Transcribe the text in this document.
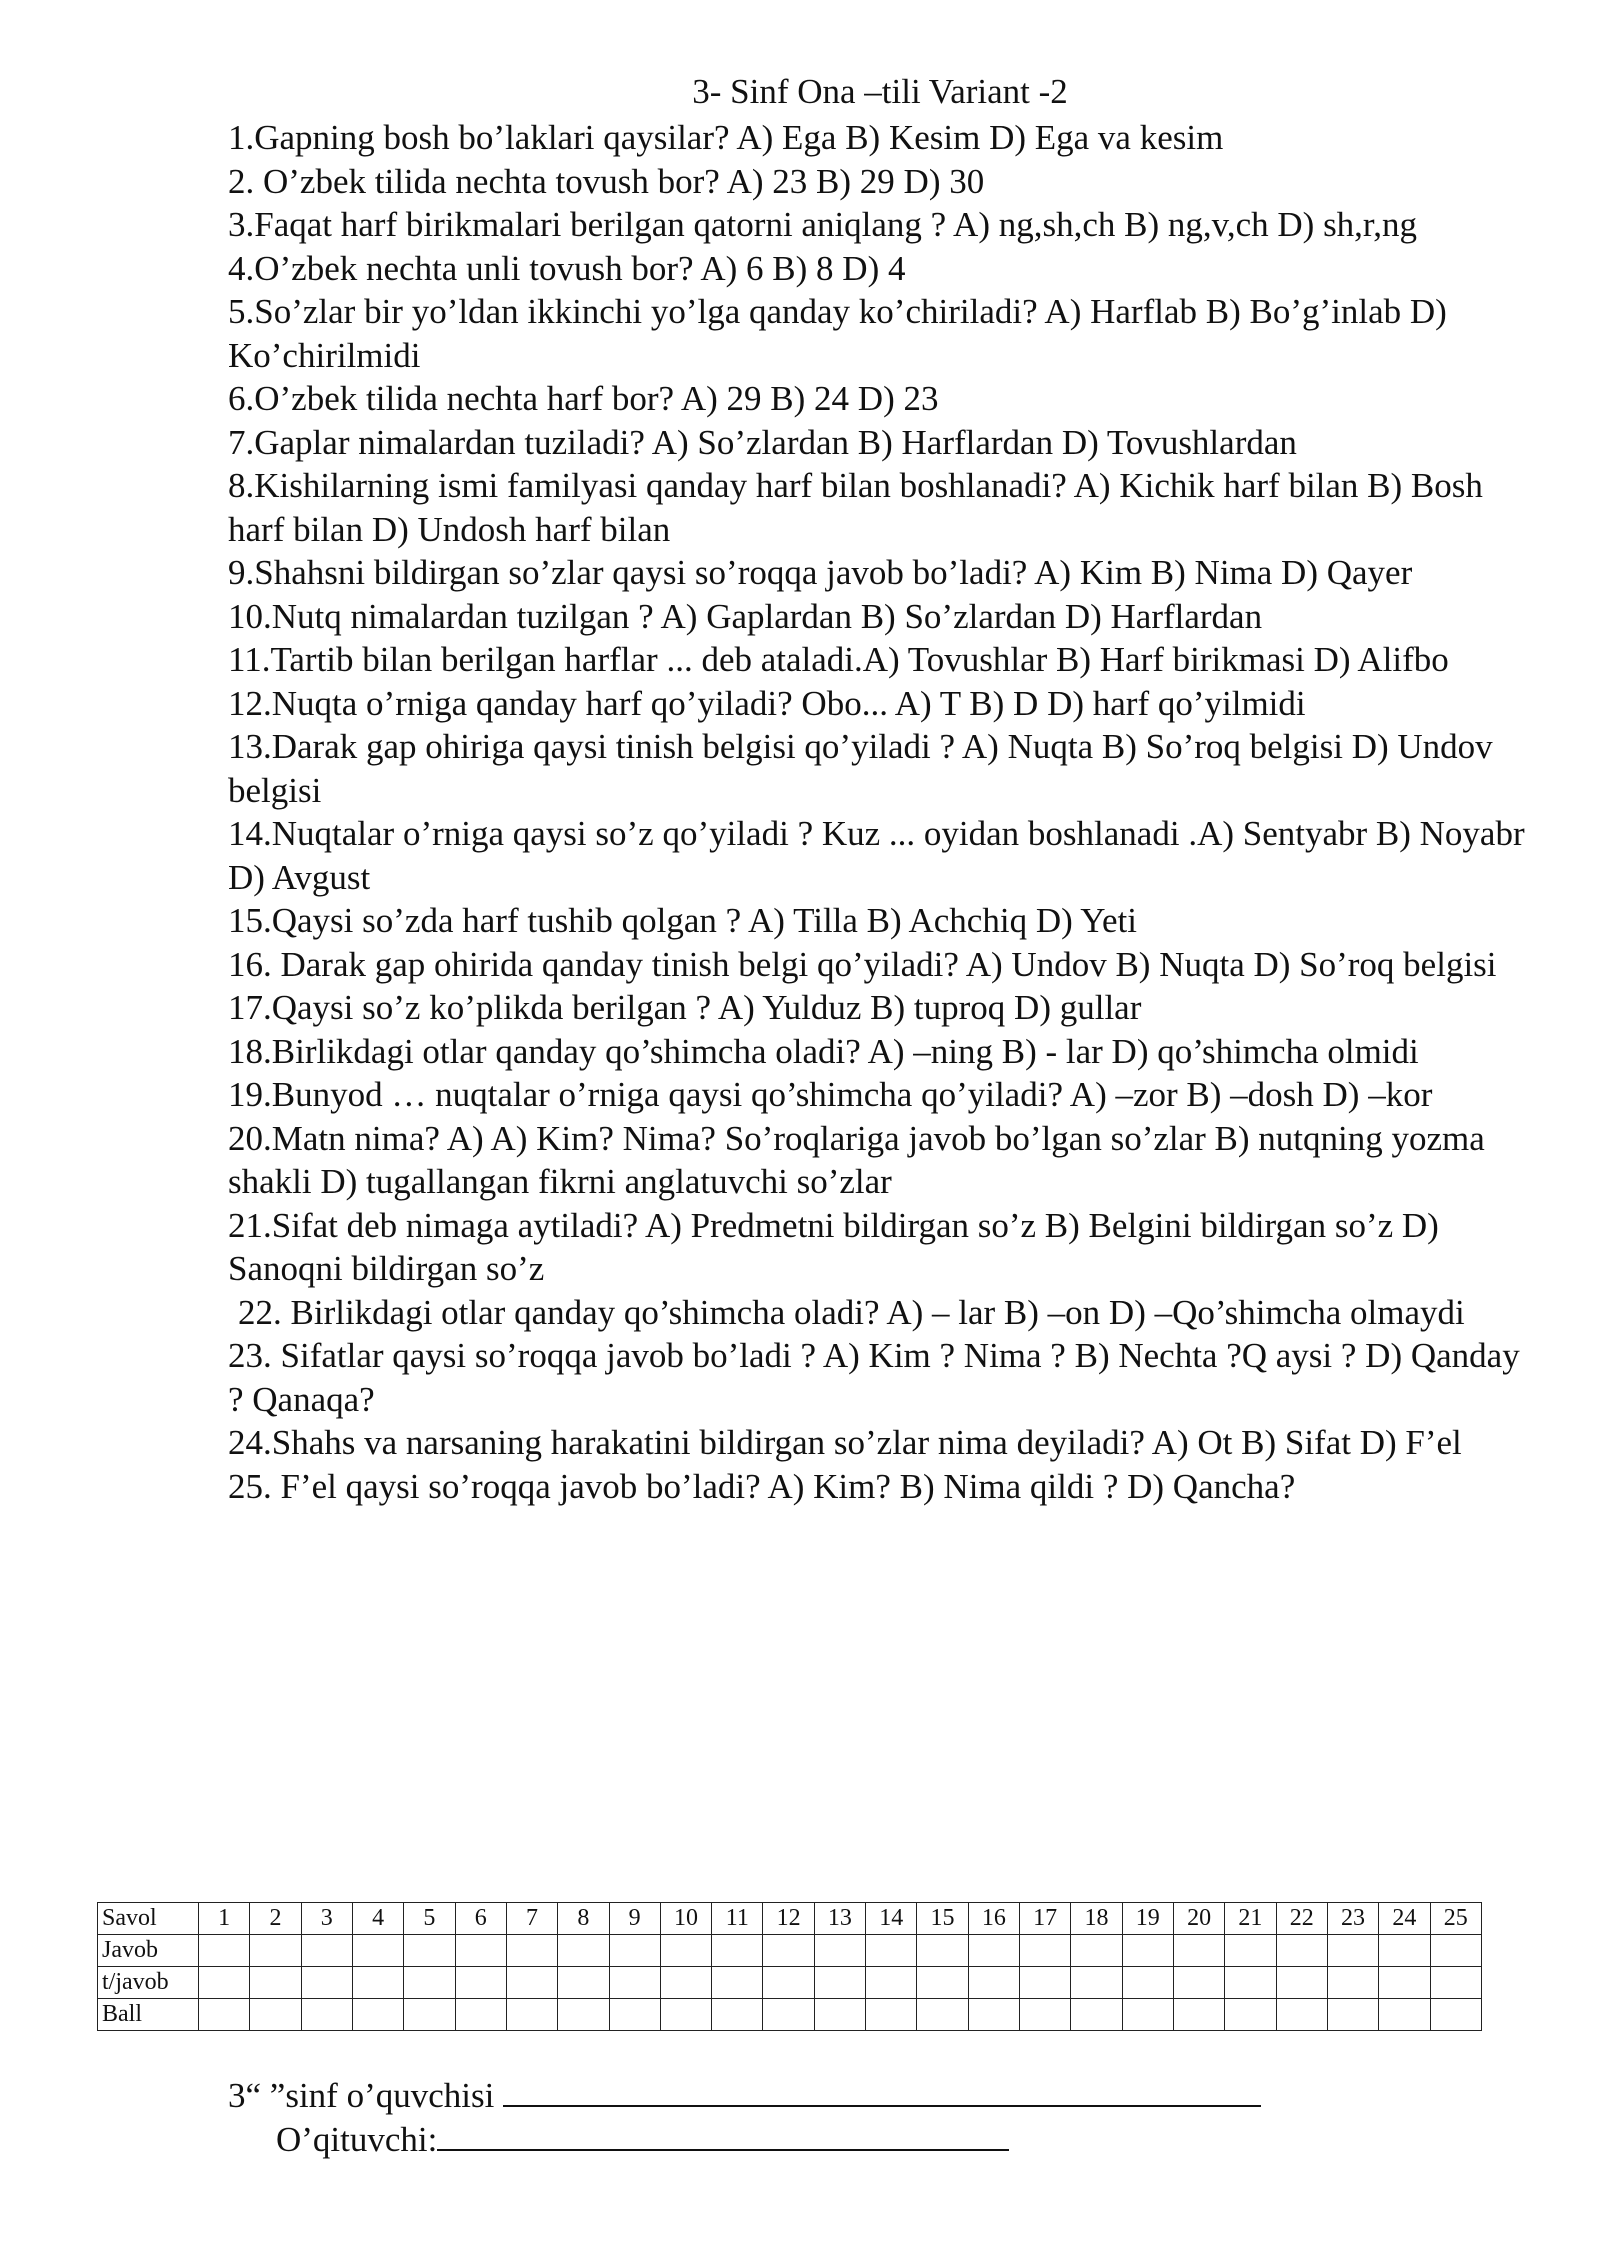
3- Sinf Ona –tili Variant -2

1.Gapning bosh bo’laklari qaysilar? A) Ega B) Kesim D) Ega va kesim

2. O’zbek tilida nechta tovush bor? A) 23 B) 29 D) 30

3.Faqat harf birikmalari berilgan qatorni aniqlang ? A) ng,sh,ch B) ng,v,ch D) sh,r,ng

4.O’zbek nechta unli tovush bor? A) 6 B) 8 D) 4

5.So’zlar bir yo’ldan ikkinchi yo’lga qanday ko’chiriladi? A) Harflab B) Bo’g’inlab D) Ko’chirilmidi

6.O’zbek tilida nechta harf bor? A) 29 B) 24 D) 23

7.Gaplar nimalardan tuziladi? A) So’zlardan B) Harflardan D) Tovushlardan

8.Kishilarning ismi familyasi qanday harf bilan boshlanadi? A) Kichik harf bilan B) Bosh harf bilan D) Undosh harf bilan

9.Shahsni bildirgan so’zlar qaysi so’roqqa javob bo’ladi? A) Kim B) Nima D) Qayer

10.Nutq nimalardan tuzilgan ? A) Gaplardan B) So’zlardan D) Harflardan

11.Tartib bilan berilgan harflar ... deb ataladi.A) Tovushlar B) Harf birikmasi D) Alifbo

12.Nuqta o’rniga qanday harf qo’yiladi? Obo... A) T B) D D) harf qo’yilmidi

13.Darak gap ohiriga qaysi tinish belgisi qo’yiladi ? A) Nuqta B) So’roq belgisi D) Undov belgisi

14.Nuqtalar o’rniga qaysi so’z qo’yiladi ? Kuz ... oyidan boshlanadi .A) Sentyabr B) Noyabr D) Avgust

15.Qaysi so’zda harf tushib qolgan ? A) Tilla B) Achchiq D) Yeti

16. Darak gap ohirida qanday tinish belgi qo’yiladi? A) Undov B) Nuqta D) So’roq belgisi

17.Qaysi so’z ko’plikda berilgan ? A) Yulduz B) tuproq D) gullar

18.Birlikdagi otlar qanday qo’shimcha oladi? A) –ning B) - lar D) qo’shimcha olmidi

19.Bunyod … nuqtalar o’rniga qaysi qo’shimcha qo’yiladi? A) –zor B) –dosh D) –kor

20.Matn nima? A) A) Kim? Nima? So’roqlariga javob bo’lgan so’zlar B) nutqning yozma shakli D) tugallangan fikrni anglatuvchi so’zlar

21.Sifat deb nimaga aytiladi? A) Predmetni bildirgan so’z B) Belgini bildirgan so’z D) Sanoqni bildirgan so’z

22. Birlikdagi otlar qanday qo’shimcha oladi? A) – lar B) –on D) –Qo’shimcha olmaydi

23. Sifatlar qaysi so’roqqa javob bo’ladi ? A) Kim ? Nima ? B) Nechta ?Q aysi ? D) Qanday ? Qanaqa?

24.Shahs va narsaning harakatini bildirgan so’zlar nima deyiladi? A) Ot B) Sifat D) F’el

25. F’el qaysi so’roqqa javob bo’ladi? A) Kim? B) Nima qildi ? D) Qancha?

Savol	1	2	3	4	5	6	7	8	9	10	11	12	13	14	15	16	17	18	19	20	21	22	23	24	25
Javob																									
t/javob																									
Ball																									
3“ ”sinf o’quvchisi
O’qituvchi:
